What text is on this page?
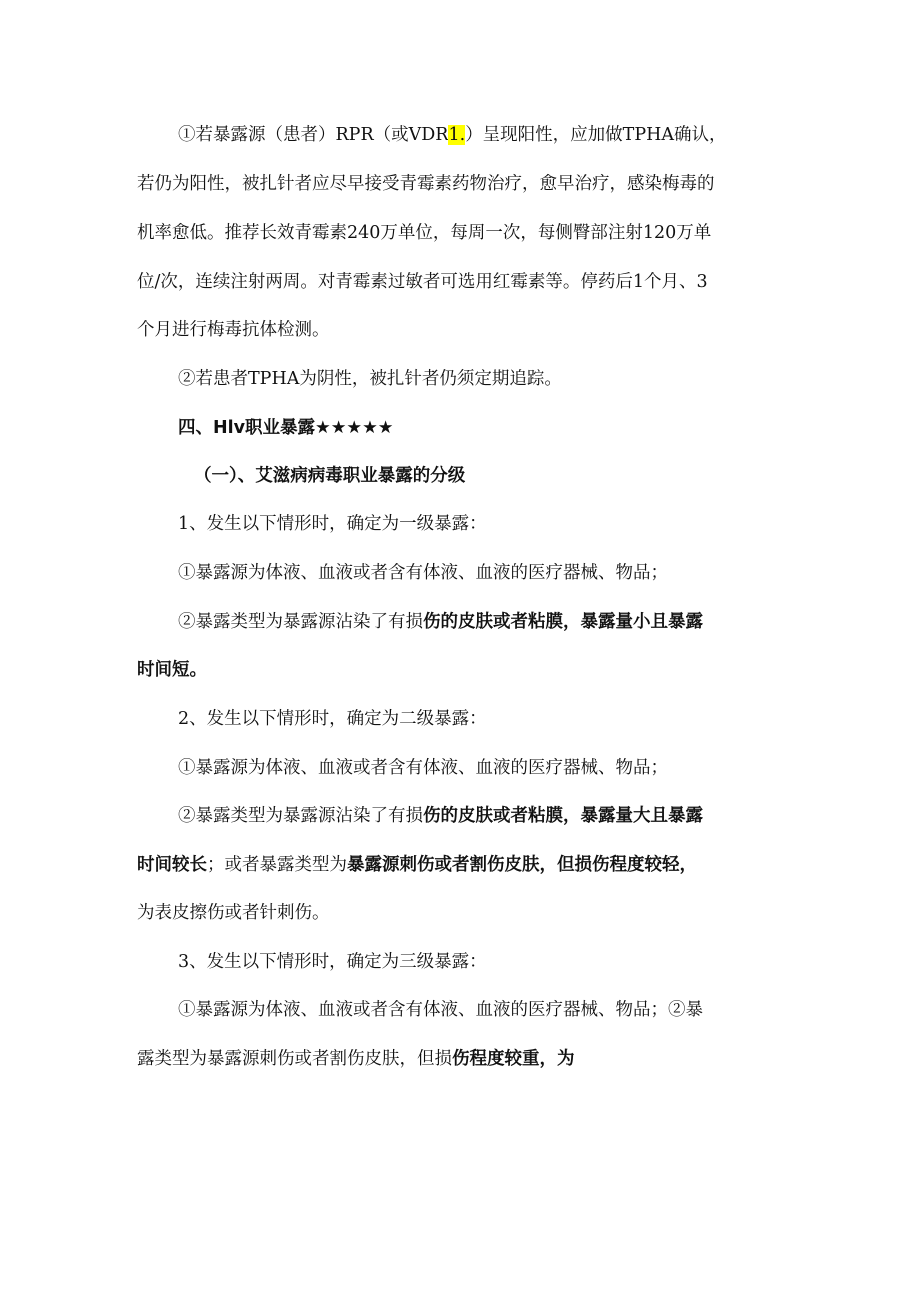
①若暴露源（患者）RPR（或VDR1.）呈现阳性，应加做TPHA确认，
若仍为阳性，被扎针者应尽早接受青霉素药物治疗，愈早治疗，感染梅毒的
机率愈低。推荐长效青霉素240万单位，每周一次，每侧臀部注射120万单
位/次，连续注射两周。对青霉素过敏者可选用红霉素等。停药后1个月、3
个月进行梅毒抗体检测。
②若患者TPHA为阴性，被扎针者仍须定期追踪。
四、Hlv职业暴露★★★★★
（一）、艾滋病病毒职业暴露的分级
1、发生以下情形时，确定为一级暴露：
①暴露源为体液、血液或者含有体液、血液的医疗器械、物品；
②暴露类型为暴露源沾染了有损伤的皮肤或者粘膜，暴露量小且暴露
时间短。
2、发生以下情形时，确定为二级暴露：
①暴露源为体液、血液或者含有体液、血液的医疗器械、物品；
②暴露类型为暴露源沾染了有损伤的皮肤或者粘膜，暴露量大且暴露
时间较长；或者暴露类型为暴露源刺伤或者割伤皮肤，但损伤程度较轻，
为表皮擦伤或者针刺伤。
3、发生以下情形时，确定为三级暴露：
①暴露源为体液、血液或者含有体液、血液的医疗器械、物品；②暴
露类型为暴露源刺伤或者割伤皮肤，但损伤程度较重，为
